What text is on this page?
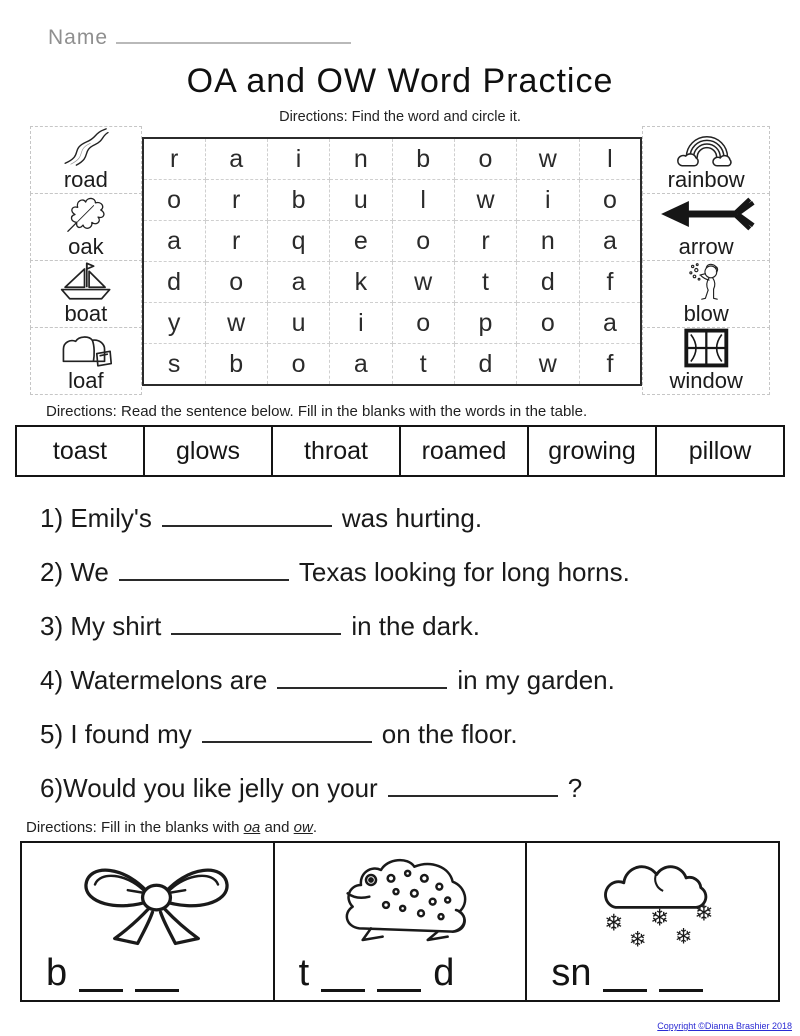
Name
OA and OW Word Practice
Directions: Find the word and circle it.
road
oak
boat
loaf
r	a	i	n	b	o	w	l
o	r	b	u	l	w	i	o
a	r	q	e	o	r	n	a
d	o	a	k	w	t	d	f
y	w	u	i	o	p	o	a
s	b	o	a	t	d	w	f
rainbow
arrow
blow
window
Directions: Read the sentence below. Fill in the blanks with the words in the table.
toast	glows	throat	roamed	growing	pillow
1) Emily's	was hurting.
2) We	Texas looking for long horns.
3) My shirt	in the dark.
4) Watermelons are	in my garden.
5) I found my	on the floor.
6)Would you like jelly on your	?
Directions: Fill in the blanks with oa and ow.
b	t	d	sn
Copyright ©Dianna Brashier 2018
